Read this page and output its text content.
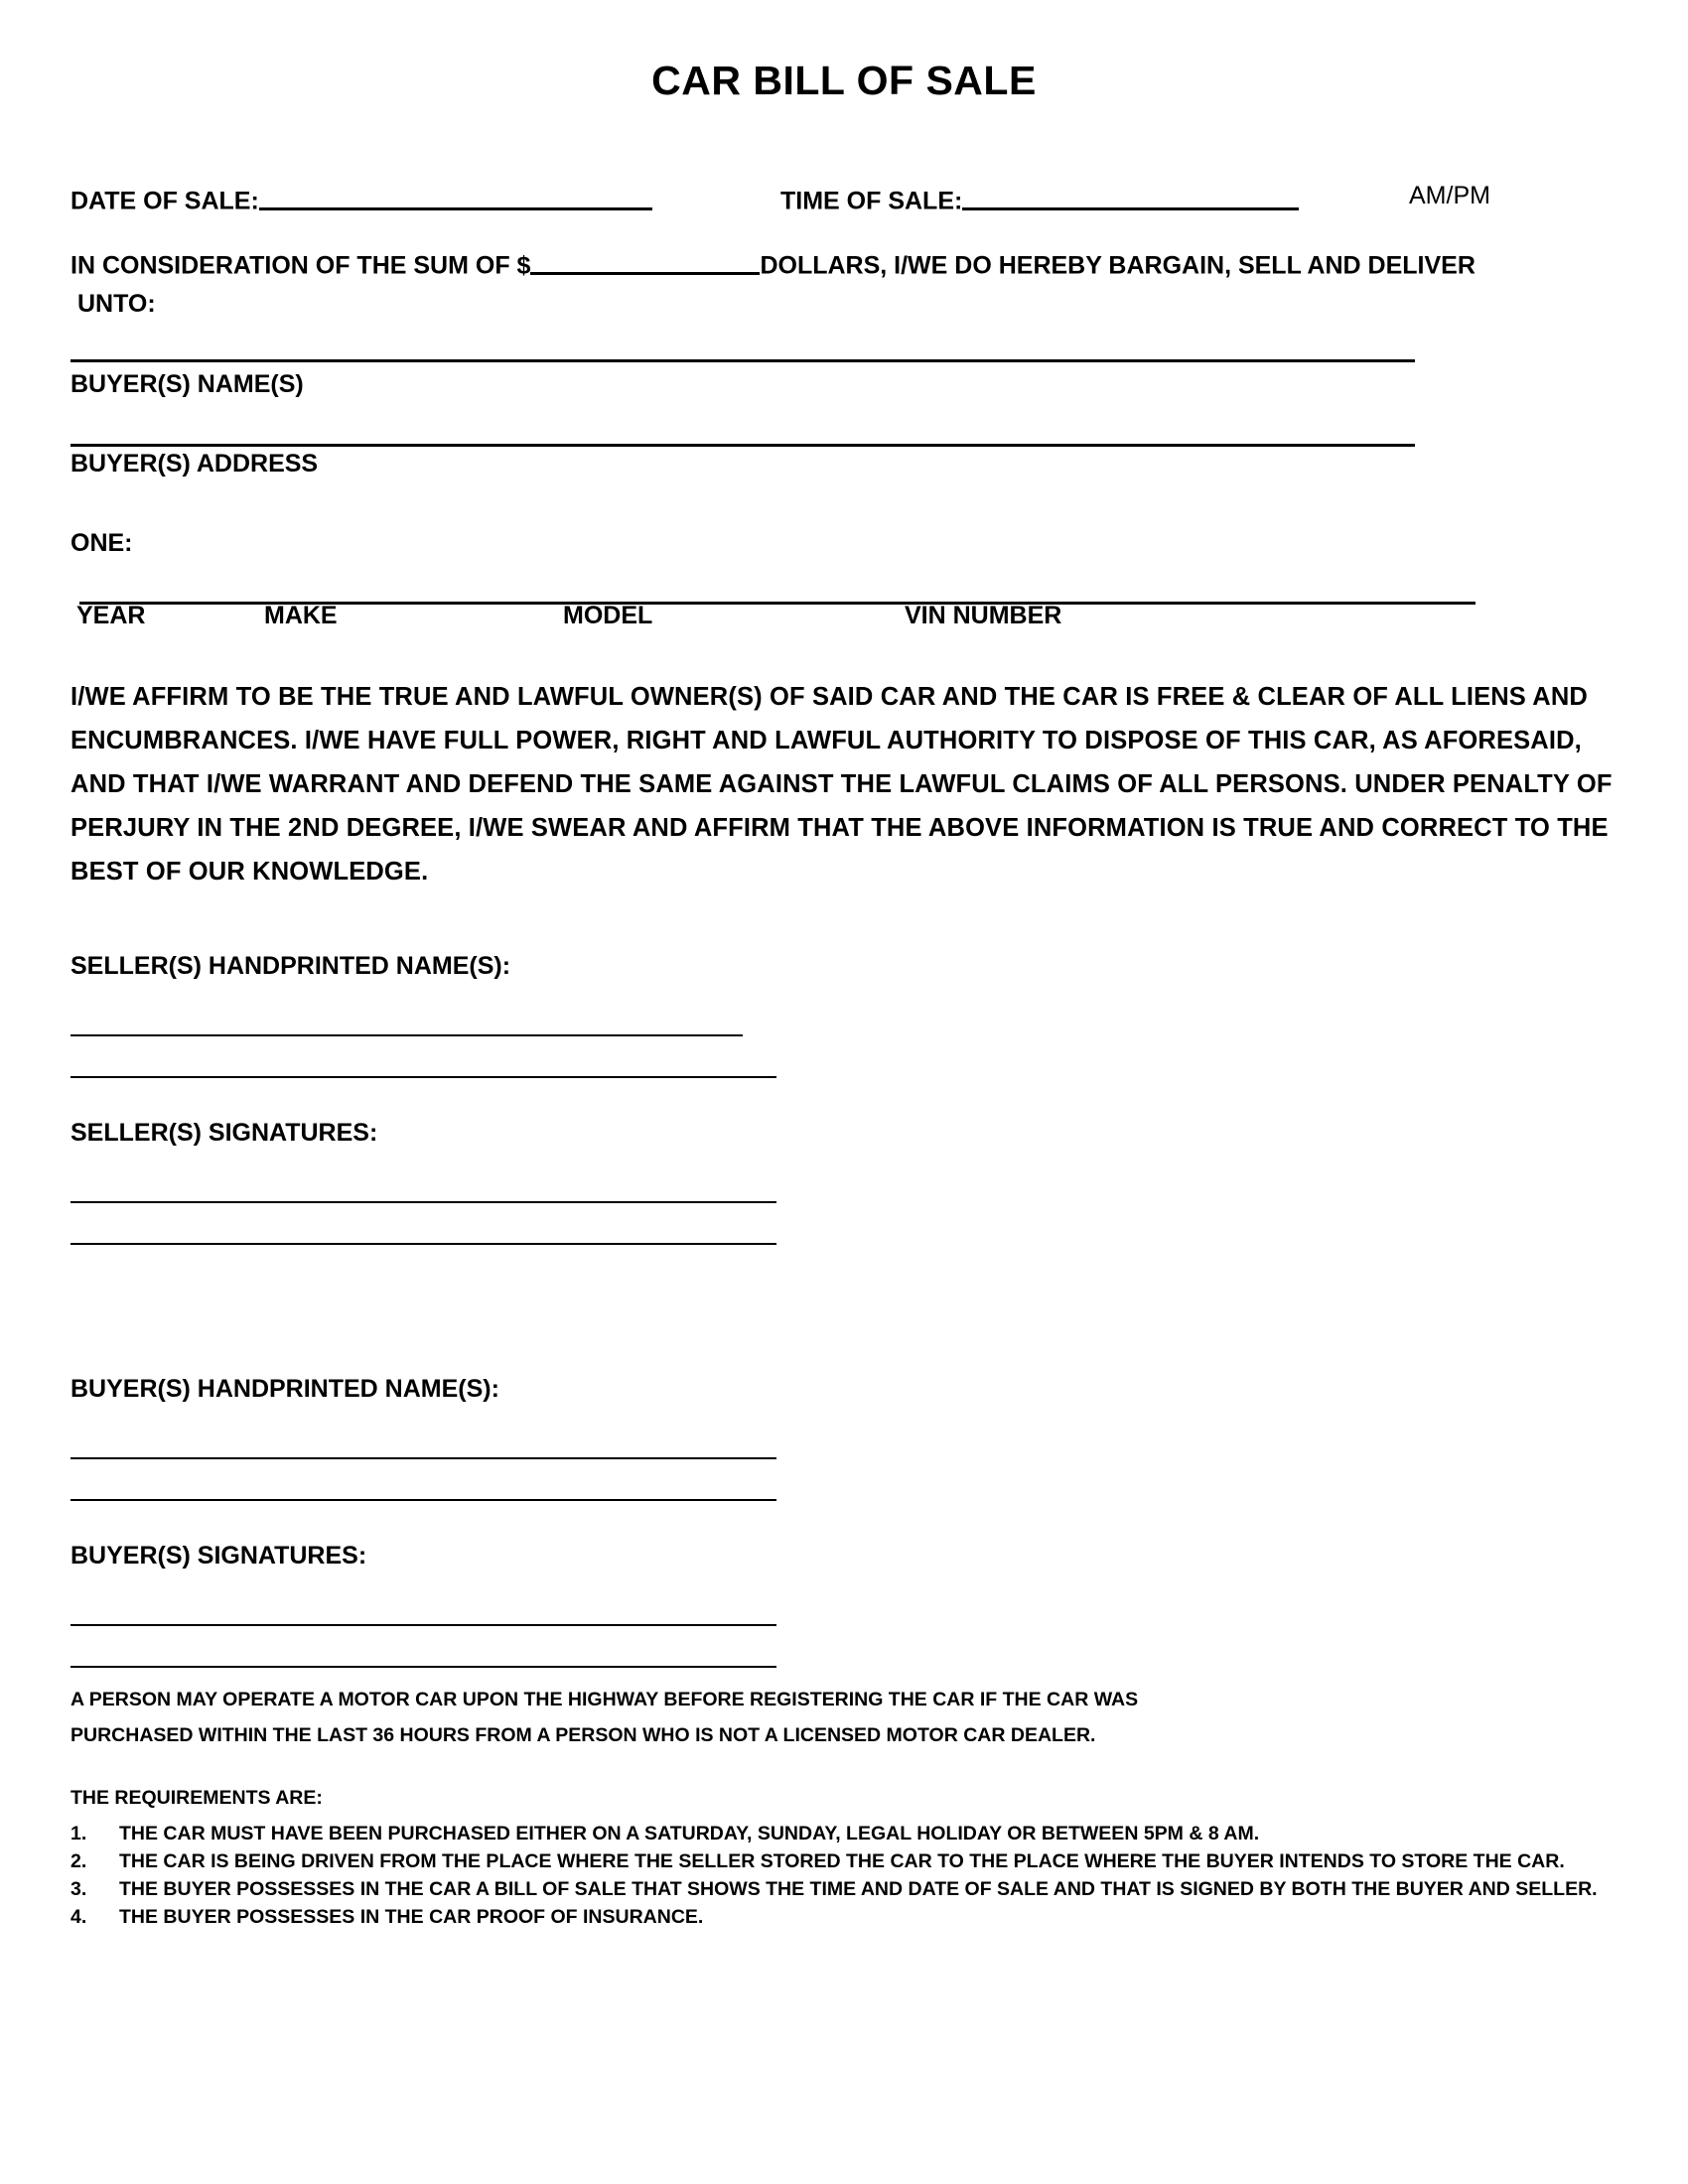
CAR BILL OF SALE
DATE OF SALE:	TIME OF SALE:	AM/PM
IN CONSIDERATION OF THE SUM OF $	DOLLARS, I/WE DO HEREBY BARGAIN, SELL AND DELIVER
UNTO:
BUYER(S) NAME(S)
BUYER(S) ADDRESS
ONE:
YEAR	MAKE	MODEL	VIN NUMBER
I/WE AFFIRM TO BE THE TRUE AND LAWFUL OWNER(S) OF SAID CAR AND THE CAR IS FREE & CLEAR OF ALL LIENS AND
ENCUMBRANCES. I/WE HAVE FULL POWER, RIGHT AND LAWFUL AUTHORITY TO DISPOSE OF THIS CAR, AS AFORESAID,
AND THAT I/WE WARRANT AND DEFEND THE SAME AGAINST THE LAWFUL CLAIMS OF ALL PERSONS. UNDER PENALTY OF
PERJURY IN THE 2ND DEGREE, I/WE SWEAR AND AFFIRM THAT THE ABOVE INFORMATION IS TRUE AND CORRECT TO THE
BEST OF OUR KNOWLEDGE.
SELLER(S) HANDPRINTED NAME(S):
SELLER(S) SIGNATURES:
BUYER(S) HANDPRINTED NAME(S):
BUYER(S) SIGNATURES:
A PERSON MAY OPERATE A MOTOR CAR UPON THE HIGHWAY BEFORE REGISTERING THE CAR IF THE CAR WAS
PURCHASED WITHIN THE LAST 36 HOURS FROM A PERSON WHO IS NOT A LICENSED MOTOR CAR DEALER.
THE REQUIREMENTS ARE:
1.	THE CAR MUST HAVE BEEN PURCHASED EITHER ON A SATURDAY, SUNDAY, LEGAL HOLIDAY OR BETWEEN 5PM & 8 AM.
2.	THE CAR IS BEING DRIVEN FROM THE PLACE WHERE THE SELLER STORED THE CAR TO THE PLACE WHERE THE BUYER INTENDS TO STORE THE CAR.
3.	THE BUYER POSSESSES IN THE CAR A BILL OF SALE THAT SHOWS THE TIME AND DATE OF SALE AND THAT IS SIGNED BY BOTH THE BUYER AND SELLER.
4.	THE BUYER POSSESSES IN THE CAR PROOF OF INSURANCE.
